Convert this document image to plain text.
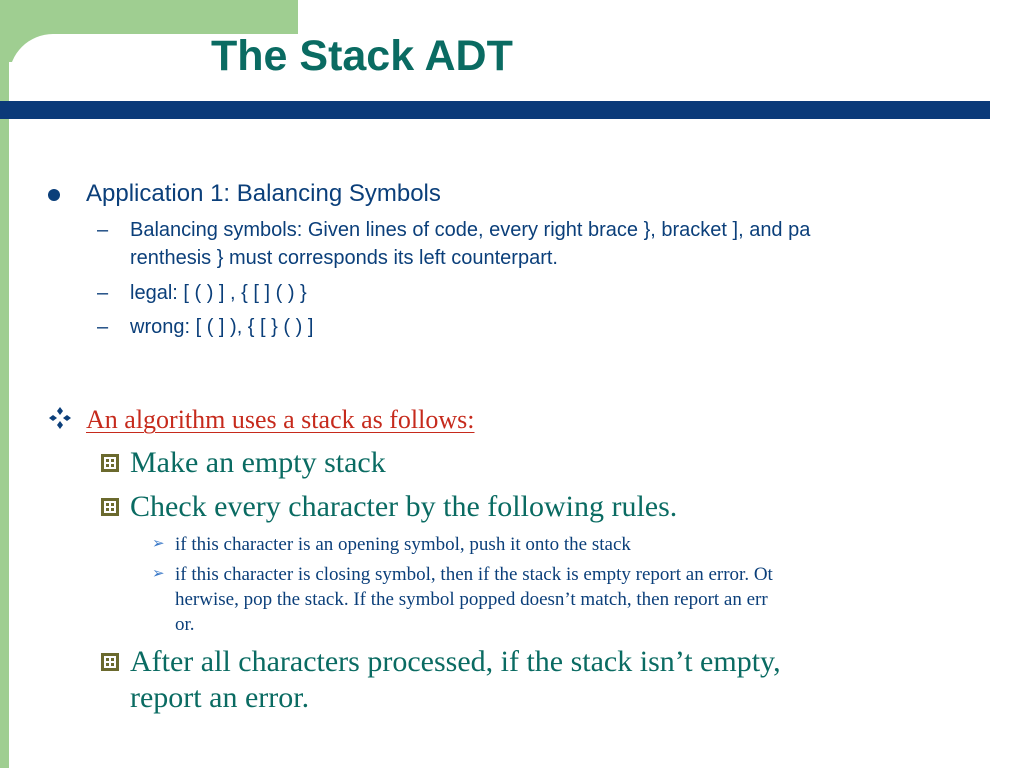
The Stack ADT
Application 1: Balancing Symbols
– Balancing symbols: Given lines of code, every right brace }, bracket ], and pa
renthesis } must corresponds its left counterpart.
– legal: [ ( ) ] , { [ ] ( ) }
– wrong: [ ( ] ), { [ } ( ) ]
An algorithm uses a stack as follows:
Make an empty stack
Check every character by the following rules.
➢ if this character is an opening symbol, push it onto the stack
➢ if this character is closing symbol, then if the stack is empty report an error. Ot
herwise, pop the stack. If the symbol popped doesn’t match, then report an err
or.
After all characters processed, if the stack isn’t empty,
report an error.
